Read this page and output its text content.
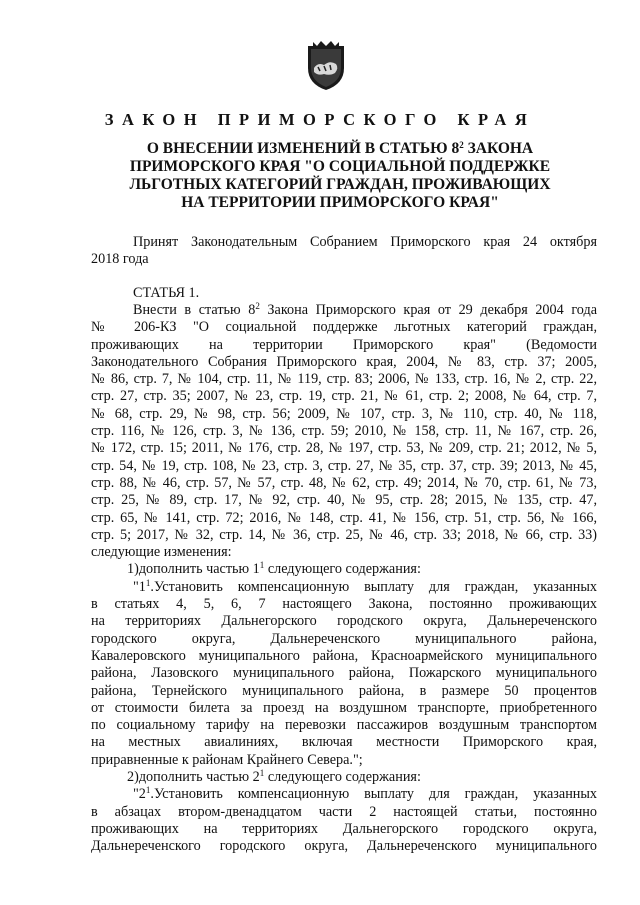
ЗАКОН ПРИМОРСКОГО КРАЯ
О ВНЕСЕНИИ ИЗМЕНЕНИЙ В СТАТЬЮ $8^2$ ЗАКОНА
ПРИМОРСКОГО КРАЯ "О СОЦИАЛЬНОЙ ПОДДЕРЖКЕ
ЛЬГОТНЫХ КАТЕГОРИЙ ГРАЖДАН, ПРОЖИВАЮЩИХ
НА ТЕРРИТОРИИ ПРИМОРСКОГО КРАЯ"
Принят Законодательным Собранием Приморского края 24 октября
2018 года
СТАТЬЯ 1.
Внести в статью $8^2$ Закона Приморского края от 29 декабря 2004 года
№ 206-КЗ "О социальной поддержке льготных категорий граждан,
проживающих на территории Приморского края" (Ведомости
Законодательного Собрания Приморского края, 2004, № 83, стр. 37; 2005,
№ 86, стр. 7, № 104, стр. 11, № 119, стр. 83; 2006, № 133, стр. 16, № 2, стр. 22,
стр. 27, стр. 35; 2007, № 23, стр. 19, стр. 21, № 61, стр. 2; 2008, № 64, стр. 7,
№ 68, стр. 29, № 98, стр. 56; 2009, № 107, стр. 3, № 110, стр. 40, № 118,
стр. 116, № 126, стр. 3, № 136, стр. 59; 2010, № 158, стр. 11, № 167, стр. 26,
№ 172, стр. 15; 2011, № 176, стр. 28, № 197, стр. 53, № 209, стр. 21; 2012, № 5,
стр. 54, № 19, стр. 108, № 23, стр. 3, стр. 27, № 35, стр. 37, стр. 39; 2013, № 45,
стр. 88, № 46, стр. 57, № 57, стр. 48, № 62, стр. 49; 2014, № 70, стр. 61, № 73,
стр. 25, № 89, стр. 17, № 92, стр. 40, № 95, стр. 28; 2015, № 135, стр. 47,
стр. 65, № 141, стр. 72; 2016, № 148, стр. 41, № 156, стр. 51, стр. 56, № 166,
стр. 5; 2017, № 32, стр. 14, № 36, стр. 25, № 46, стр. 33; 2018, № 66, стр. 33)
следующие изменения:
1)дополнить частью $1^1$ следующего содержания:
"$1^1.Установить$ компенсационную выплату для граждан, указанных
в статьях 4, 5, 6, 7 настоящего Закона, постоянно проживающих
на территориях Дальнегорского городского округа, Дальнереченского
городского округа, Дальнереченского муниципального района,
Кавалеровского муниципального района, Красноармейского муниципального
района, Лазовского муниципального района, Пожарского муниципального
района, Тернейского муниципального района, в размере 50 процентов
от стоимости билета за проезд на воздушном транспорте, приобретенного
по социальному тарифу на перевозки пассажиров воздушным транспортом
на местных авиалиниях, включая местности Приморского края,
приравненные к районам Крайнего Севера.";
2)дополнить частью $2^1$ следующего содержания:
"$2^1.Установить$ компенсационную выплату для граждан, указанных
в абзацах втором-двенадцатом части 2 настоящей статьи, постоянно
проживающих на территориях Дальнегорского городского округа,
Дальнереченского городского округа, Дальнереченского муниципального
